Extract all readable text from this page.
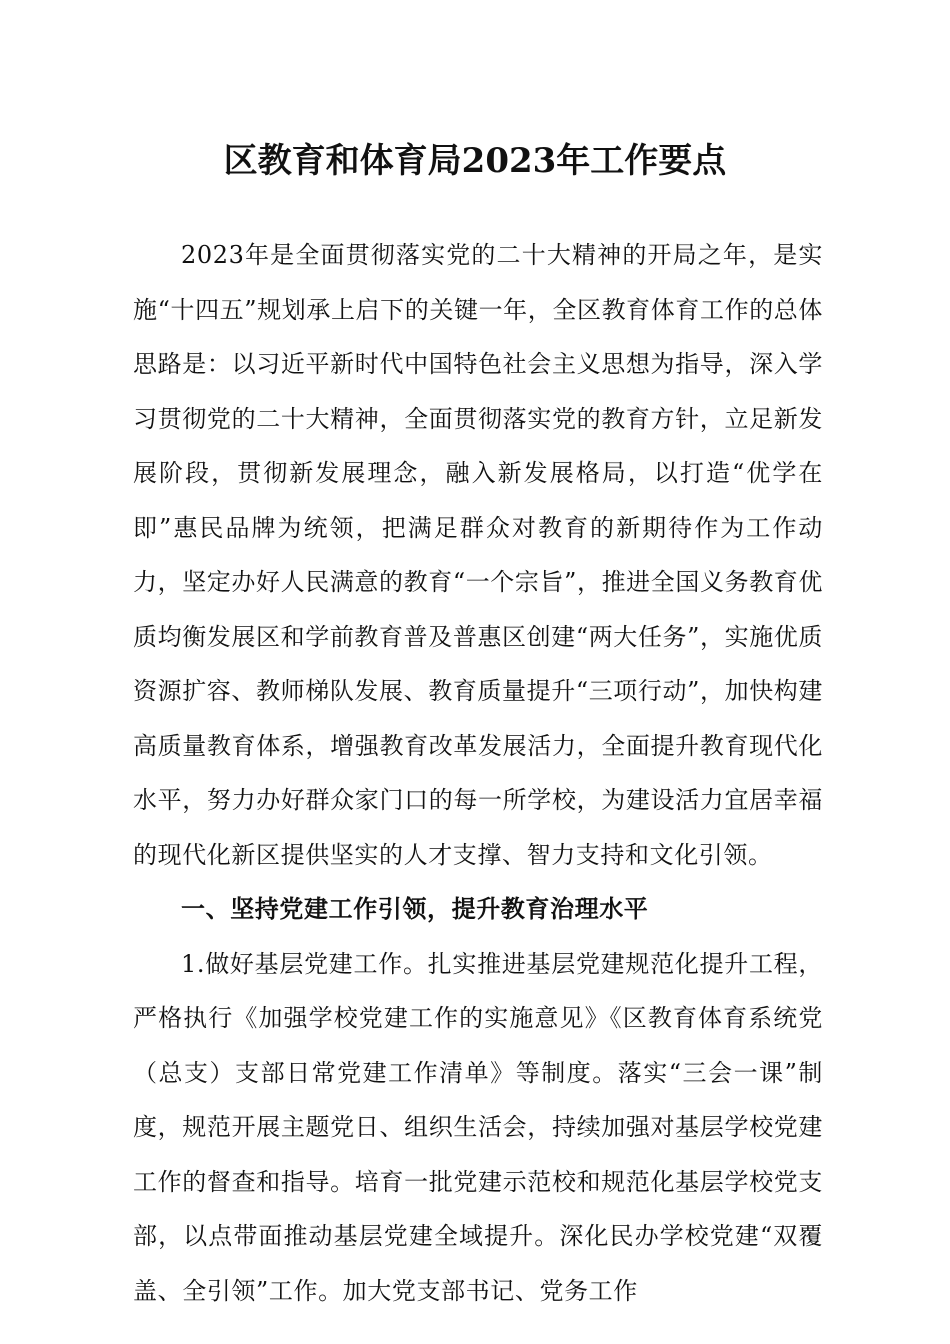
区教育和体育局2023年工作要点

2023年是全面贯彻落实党的二十大精神的开局之年，是实施“十四五”规划承上启下的关键一年，全区教育体育工作的总体思路是：以习近平新时代中国特色社会主义思想为指导，深入学习贯彻党的二十大精神，全面贯彻落实党的教育方针，立足新发展阶段，贯彻新发展理念，融入新发展格局，以打造“优学在即”惠民品牌为统领，把满足群众对教育的新期待作为工作动力，坚定办好人民满意的教育“一个宗旨”，推进全国义务教育优质均衡发展区和学前教育普及普惠区创建“两大任务”，实施优质资源扩容、教师梯队发展、教育质量提升“三项行动”，加快构建高质量教育体系，增强教育改革发展活力，全面提升教育现代化水平，努力办好群众家门口的每一所学校，为建设活力宜居幸福的现代化新区提供坚实的人才支撑、智力支持和文化引领。

一、坚持党建工作引领，提升教育治理水平

1.做好基层党建工作。扎实推进基层党建规范化提升工程，严格执行《加强学校党建工作的实施意见》《区教育体育系统党（总支）支部日常党建工作清单》等制度。落实“三会一课”制度，规范开展主题党日、组织生活会，持续加强对基层学校党建工作的督查和指导。培育一批党建示范校和规范化基层学校党支部，以点带面推动基层党建全域提升。深化民办学校党建“双覆盖、全引领”工作。加大党支部书记、党务工作
